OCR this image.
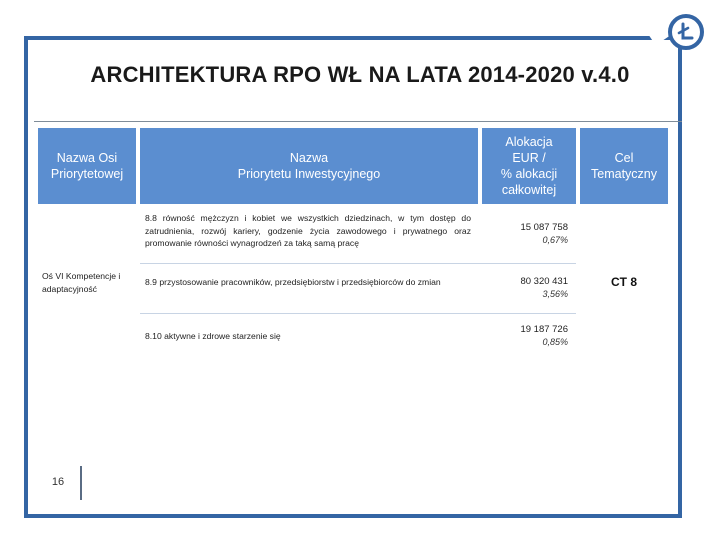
ARCHITEKTURA RPO WŁ NA LATA 2014-2020 v.4.0
Nazwa Osi
Priorytetowej
Nazwa
Priorytetu Inwestycyjnego
Alokacja
EUR /
% alokacji
całkowitej
Cel
Tematyczny
Oś VI Kompetencje i adaptacyjność
8.8 równość mężczyzn i kobiet we wszystkich dziedzinach, w tym dostęp do zatrudnienia, rozwój kariery, godzenie życia zawodowego i prywatnego oraz promowanie równości wynagrodzeń za taką samą pracę
15 087 758
0,67%
8.9 przystosowanie pracowników, przedsiębiorstw i przedsiębiorców do zmian	80 320 431
3,56%
8.10 aktywne i zdrowe starzenie się
19 187 726
0,85%
CT 8
16
